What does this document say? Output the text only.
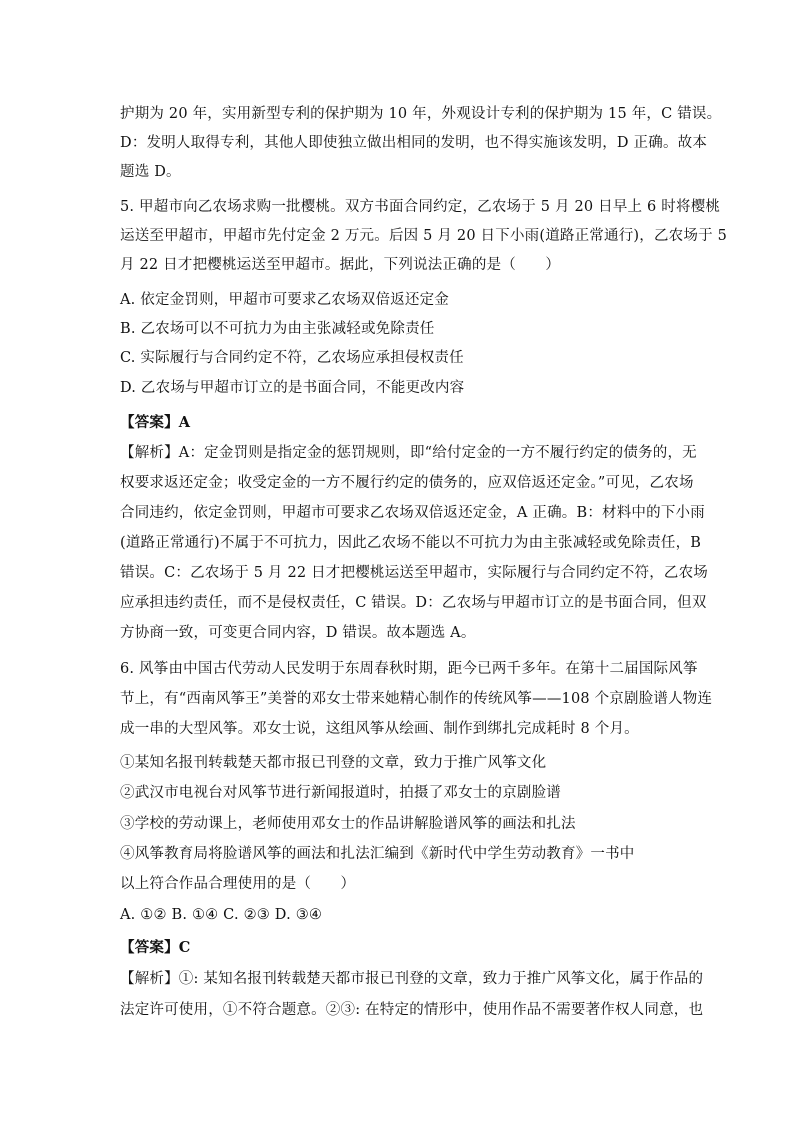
护期为 20 年，实用新型专利的保护期为 10 年，外观设计专利的保护期为 15 年，C 错误。
D：发明人取得专利，其他人即使独立做出相同的发明，也不得实施该发明，D 正确。故本
题选 D。
5. 甲超市向乙农场求购一批樱桃。双方书面合同约定，乙农场于 5 月 20 日早上 6 时将樱桃
运送至甲超市，甲超市先付定金 2 万元。后因 5 月 20 日下小雨(道路正常通行)，乙农场于 5
月 22 日才把樱桃运送至甲超市。据此，下列说法正确的是（　　）
A. 依定金罚则，甲超市可要求乙农场双倍返还定金
B. 乙农场可以不可抗力为由主张减轻或免除责任
C. 实际履行与合同约定不符，乙农场应承担侵权责任
D. 乙农场与甲超市订立的是书面合同，不能更改内容
【答案】A
【解析】A：定金罚则是指定金的惩罚规则，即“给付定金的一方不履行约定的债务的，无
权要求返还定金；收受定金的一方不履行约定的债务的，应双倍返还定金。”可见，乙农场
合同违约，依定金罚则，甲超市可要求乙农场双倍返还定金，A 正确。B：材料中的下小雨
(道路正常通行)不属于不可抗力，因此乙农场不能以不可抗力为由主张减轻或免除责任，B
错误。C：乙农场于 5 月 22 日才把樱桃运送至甲超市，实际履行与合同约定不符，乙农场
应承担违约责任，而不是侵权责任，C 错误。D：乙农场与甲超市订立的是书面合同，但双
方协商一致，可变更合同内容，D 错误。故本题选 A。
6. 风筝由中国古代劳动人民发明于东周春秋时期，距今已两千多年。在第十二届国际风筝
节上，有“西南风筝王”美誉的邓女士带来她精心制作的传统风筝——108 个京剧脸谱人物连
成一串的大型风筝。邓女士说，这组风筝从绘画、制作到绑扎完成耗时 8 个月。
①某知名报刊转载楚天都市报已刊登的文章，致力于推广风筝文化
②武汉市电视台对风筝节进行新闻报道时，拍摄了邓女士的京剧脸谱
③学校的劳动课上，老师使用邓女士的作品讲解脸谱风筝的画法和扎法
④风筝教育局将脸谱风筝的画法和扎法汇编到《新时代中学生劳动教育》一书中
以上符合作品合理使用的是（　　）
A. ①② B. ①④ C. ②③ D. ③④
【答案】C
【解析】①: 某知名报刊转载楚天都市报已刊登的文章，致力于推广风筝文化，属于作品的
法定许可使用，①不符合题意。②③: 在特定的情形中，使用作品不需要著作权人同意，也
